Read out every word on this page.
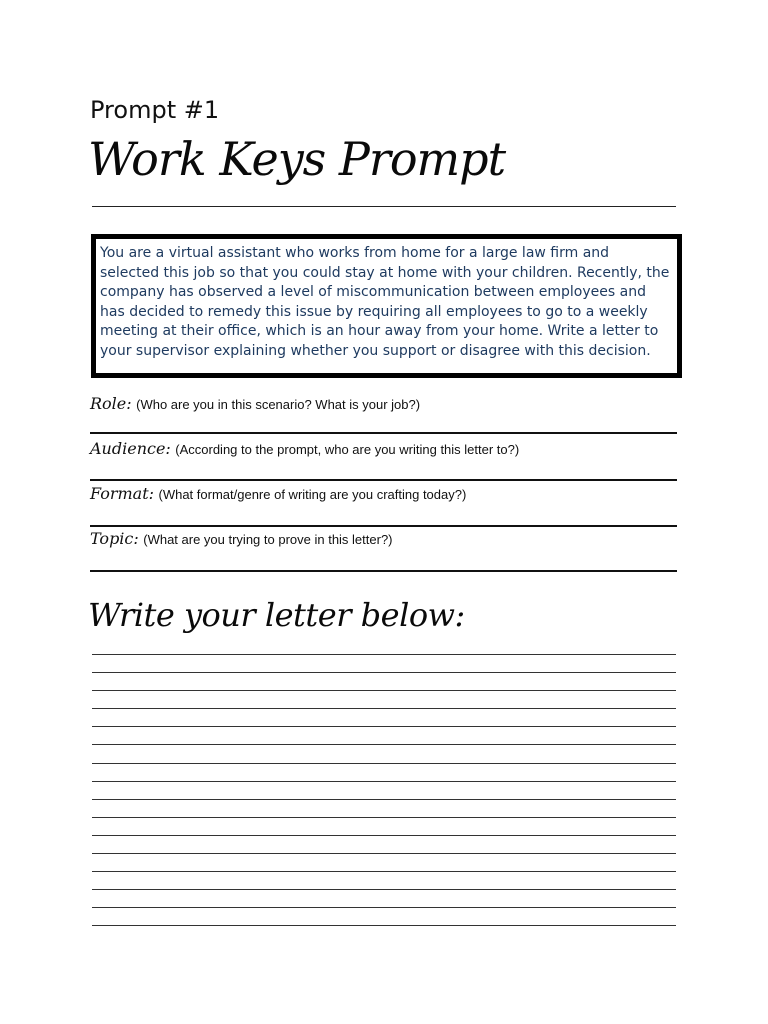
Prompt #1
Work Keys Prompt

You are a virtual assistant who works from home for a large law firm and selected this job so that you could stay at home with your children. Recently, the company has observed a level of miscommunication between employees and has decided to remedy this issue by requiring all employees to go to a weekly meeting at their office, which is an hour away from your home. Write a letter to your supervisor explaining whether you support or disagree with this decision.

Role: (Who are you in this scenario? What is your job?)
Audience: (According to the prompt, who are you writing this letter to?)
Format: (What format/genre of writing are you crafting today?)
Topic: (What are you trying to prove in this letter?)
Write your letter below:
